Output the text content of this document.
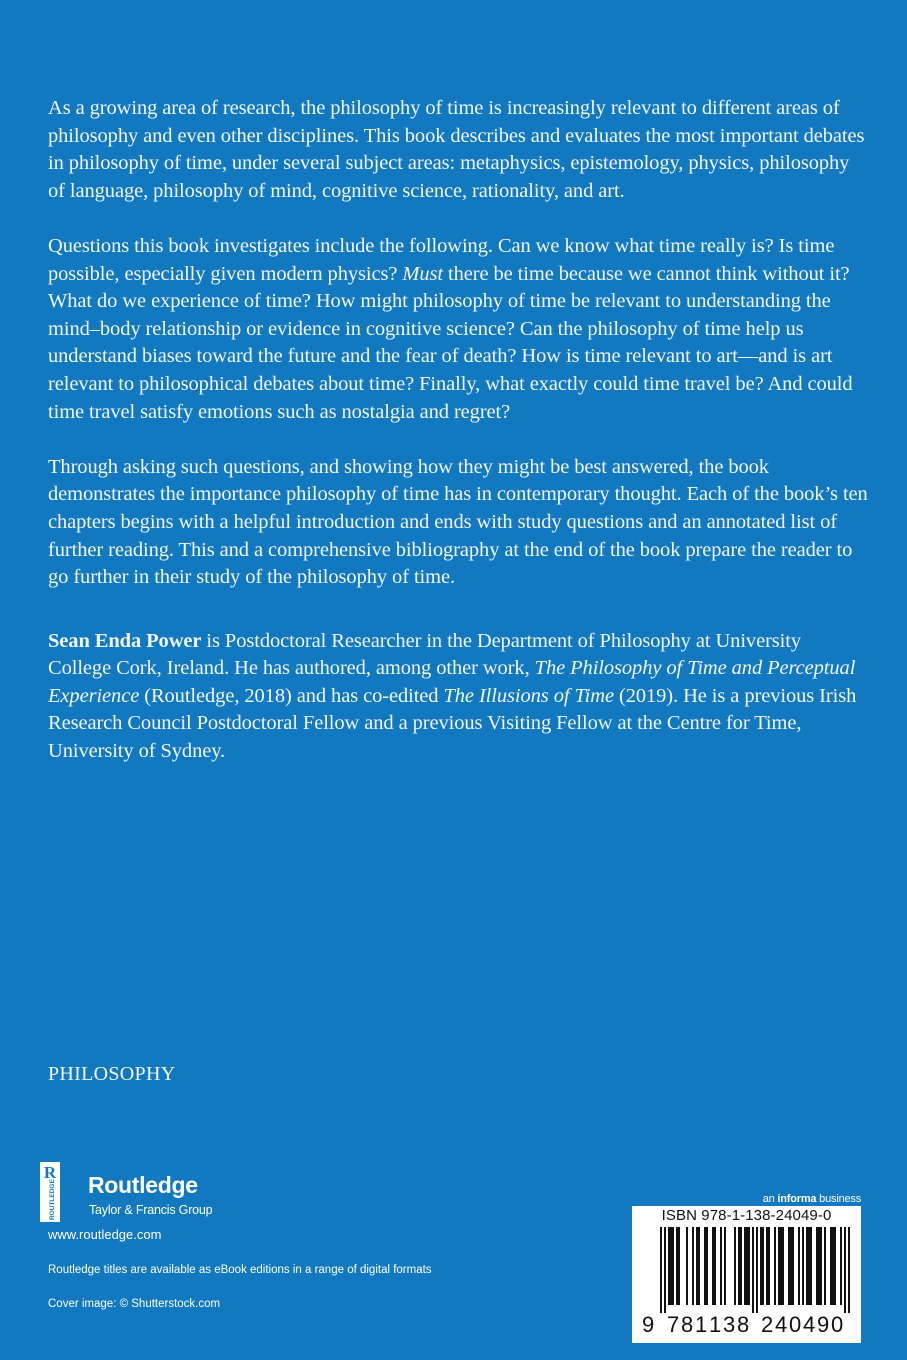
As a growing area of research, the philosophy of time is increasingly relevant to different areas of philosophy and even other disciplines. This book describes and evaluates the most important debates in philosophy of time, under several subject areas: metaphysics, epistemology, physics, philosophy of language, philosophy of mind, cognitive science, rationality, and art.

Questions this book investigates include the following. Can we know what time really is? Is time possible, especially given modern physics? Must there be time because we cannot think without it? What do we experience of time? How might philosophy of time be relevant to understanding the mind–body relationship or evidence in cognitive science? Can the philosophy of time help us understand biases toward the future and the fear of death? How is time relevant to art—and is art relevant to philosophical debates about time? Finally, what exactly could time travel be? And could time travel satisfy emotions such as nostalgia and regret?

Through asking such questions, and showing how they might be best answered, the book demonstrates the importance philosophy of time has in contemporary thought. Each of the book’s ten chapters begins with a helpful introduction and ends with study questions and an annotated list of further reading. This and a comprehensive bibliography at the end of the book prepare the reader to go further in their study of the philosophy of time.

Sean Enda Power is Postdoctoral Researcher in the Department of Philosophy at University College Cork, Ireland. He has authored, among other work, The Philosophy of Time and Perceptual Experience (Routledge, 2018) and has co-edited The Illusions of Time (2019). He is a previous Irish Research Council Postdoctoral Fellow and a previous Visiting Fellow at the Centre for Time, University of Sydney.

PHILOSOPHY
R
ROUTLEDGE Routledge
Taylor & Francis Group
www.routledge.com
Routledge titles are available as eBook editions in a range of digital formats
Cover image: © Shutterstock.com
an informa business
ISBN 978-1-138-24049-0
9 7 8 1 1 3 8 2 4 0 4 9 0
